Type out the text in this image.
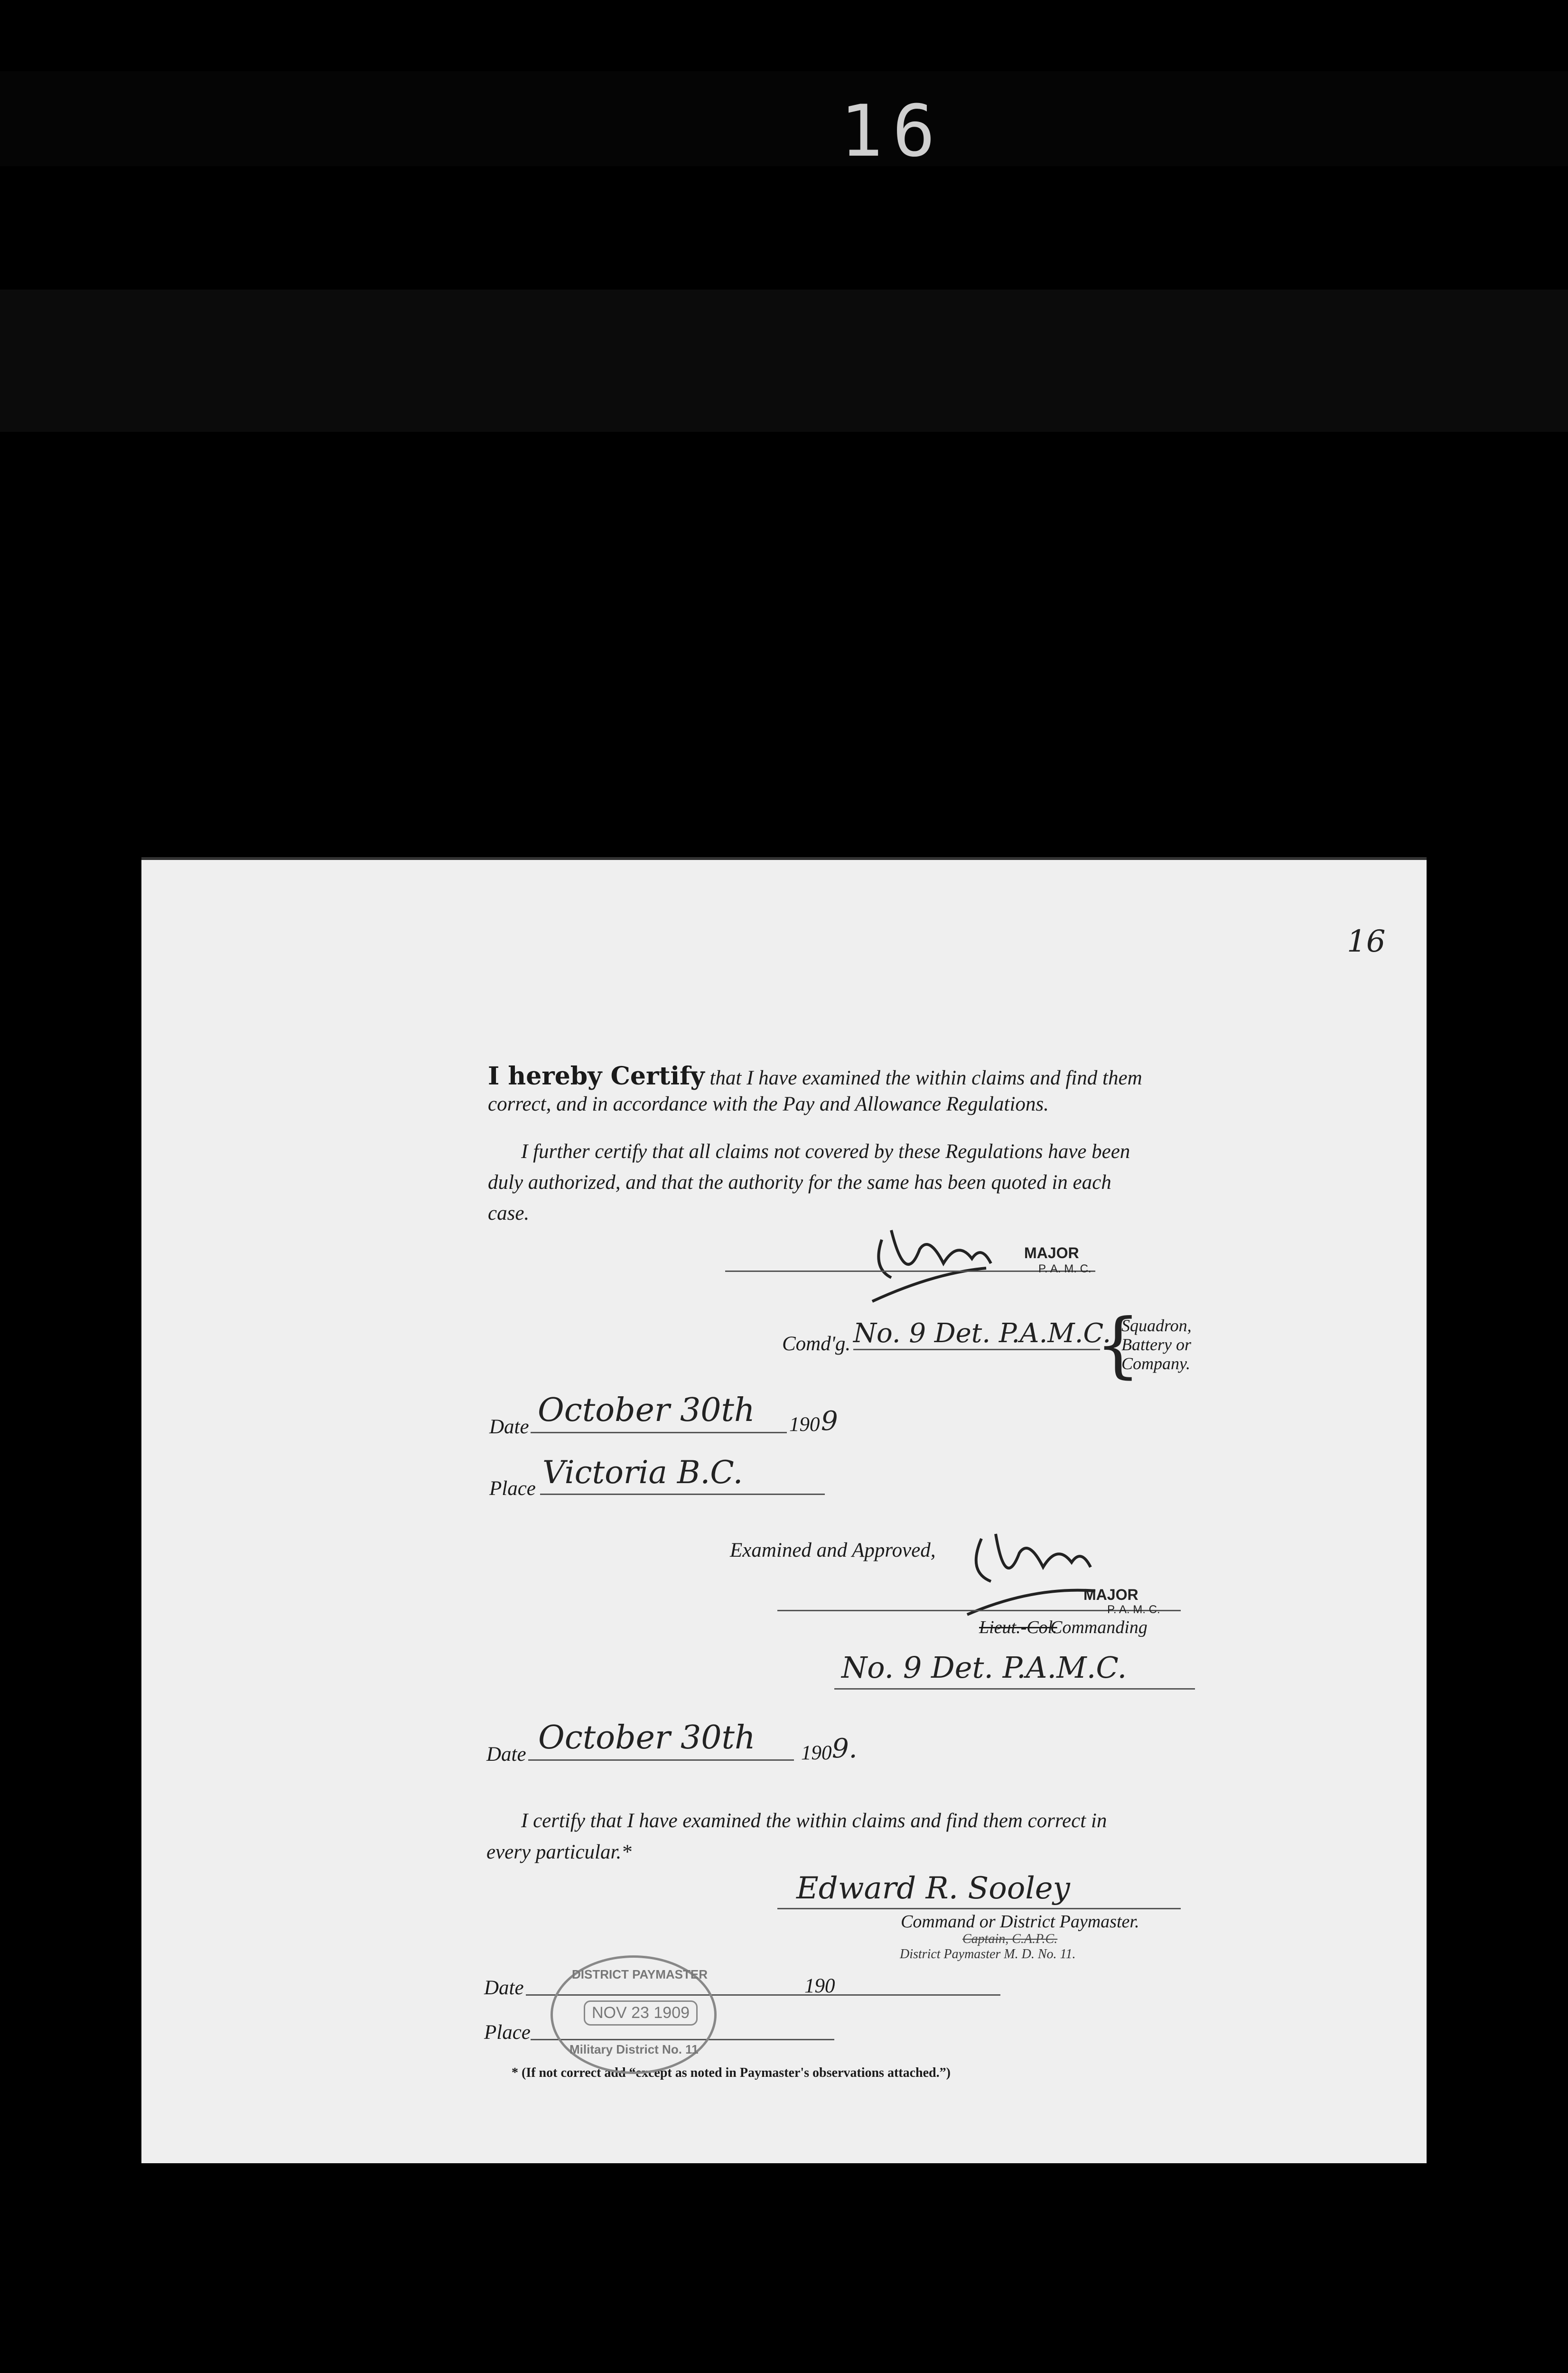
16
16
I hereby Certify that I have examined the within claims and find them
correct, and in accordance with the Pay and Allowance Regulations.
I further certify that all claims not covered by these Regulations have been
duly authorized, and that the authority for the same has been quoted in each
case.
MAJOR
P. A. M. C.
Comd'g. No. 9 Det. P.A.M.C.
{
Squadron,
Battery or
Company.
Date October 30th 190 9
Place Victoria B.C.
Examined and Approved,
MAJOR
P. A. M. C.
Lieut.-Col.
Commanding
No. 9 Det. P.A.M.C.
Date October 30th 190 9.
I certify that I have examined the within claims and find them correct in
every particular.*
Edward R. Sooley
Command or District Paymaster.
Captain, C.A.P.C.
District Paymaster M. D. No. 11.
Date	190
Place
* (If not correct add “except as noted in Paymaster's observations attached.”)
DISTRICT PAYMASTER
NOV 23 1909
Military District No. 11
